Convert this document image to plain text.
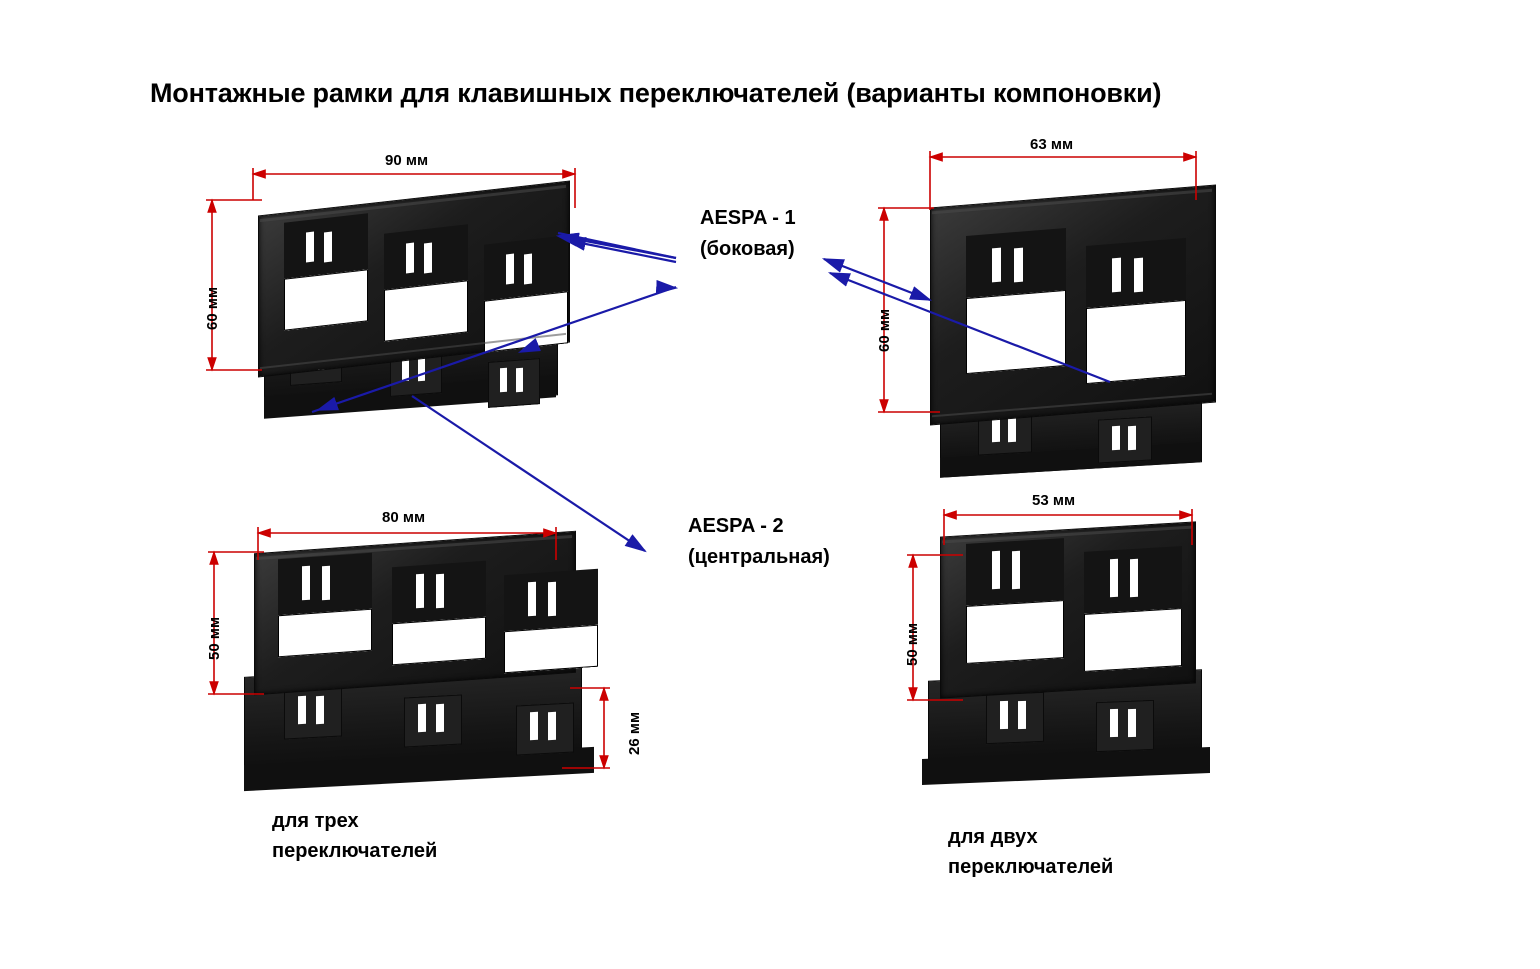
Монтажные рамки для клавишных переключателей (варианты компоновки)
90 мм
60 мм
63 мм
60 мм
80 мм
50 мм
26 мм
53 мм
50 мм
AESPA - 1
(боковая)
AESPA - 2
(центральная)
для трех
переключателей
для двух
переключателей
